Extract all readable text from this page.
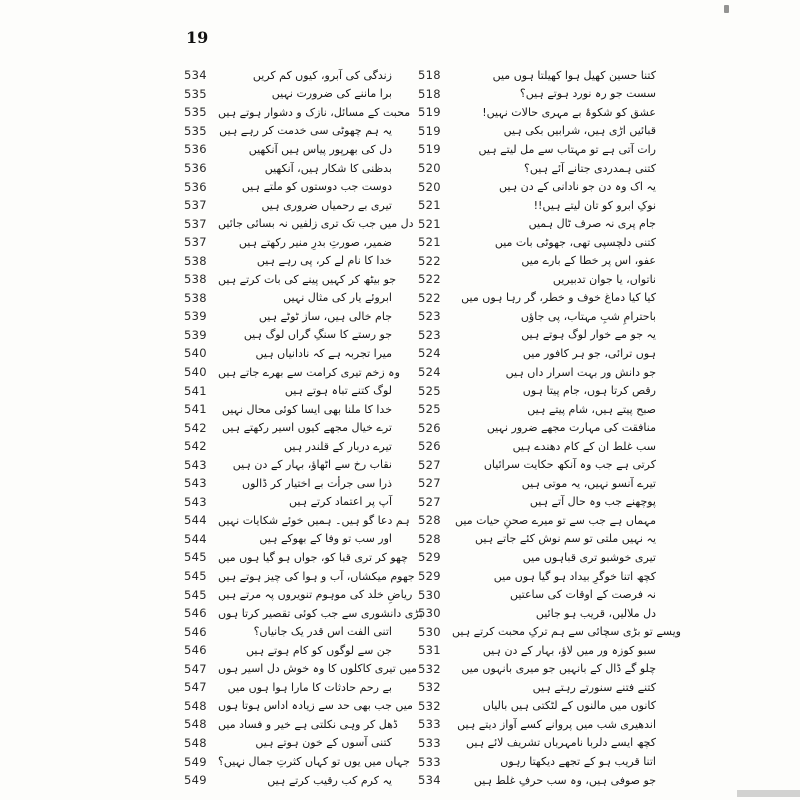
19
534	زندگی کی آبرو، کیوں کم کریں
535	برا ماننے کی ضرورت نہیں
535	محبت کے مسائل، نازک و دشوار ہوتے ہیں
535	یہ ہم چھوٹی سی خدمت کر رہے ہیں
536	دل کی بھرپور پیاس ہیں آنکھیں
536	بدظنی کا شکار ہیں، آنکھیں
536	دوست جب دوستوں کو ملتے ہیں
537	تیری بے رحمیاں ضروری ہیں
537	دل میں جب تک تری زلفیں نہ بسائی جائیں
537	ضمیر، صورتِ بدرِ منیر رکھتے ہیں
538	خدا کا نام لے کر، پی رہے ہیں
538	جو بیٹھ کر کہیں پینے کی بات کرتے ہیں
538	ابروئے یار کی مثال نہیں
539	جام خالی ہیں، ساز ٹوٹے ہیں
539	جو رستے کا سنگِ گراں لوگ ہیں
540	میرا تجربہ ہے کہ نادانیاں ہیں
540	وہ زخم تیری کرامت سے بھرے جاتے ہیں
541	لوگ کتنے تباہ ہوتے ہیں
541	خدا کا ملنا بھی ایسا کوئی محال نہیں
542	ترے خیال مجھے کیوں اسیر رکھتے ہیں
542	تیرے دربار کے قلندر ہیں
543	نقاب رخ سے اٹھاؤ، بہار کے دن ہیں
543	ذرا سی جرأت بے اختیار کر ڈالوں
543	آپ پر اعتماد کرتے ہیں
544	ہم دعا گو ہیں۔ ہمیں خوئے شکایات نہیں
544	اور سب تو وفا کے بھوکے ہیں
545	چھو کر تری قبا کو، جواں ہو گیا ہوں میں
545	جھوم میکشاں، آب و ہوا کی چیز ہوتے ہیں
545	ریاضِ خلد کی موہوم تنویروں پہ مرتے ہیں
546	بڑی دانشوری سے جب کوئی تقصیر کرتا ہوں
546	اتنی الفت اس قدر یک جانیاں؟
546	جن سے لوگوں کو کام ہوتے ہیں
547	میں تیری کاکلوں کا وہ خوش دل اسیر ہوں
547	بے رحم حادثات کا مارا ہوا ہوں میں
548	میں جب بھی حد سے زیادہ اداس ہوتا ہوں
548	ڈھل کر وہی نکلتی ہے خیر و فساد میں
548	کتنی آسوں کے خون ہوتے ہیں
549	جہاں میں یوں تو کہاں کثرتِ جمال نہیں؟
549	یہ کرم کب رقیب کرتے ہیں
518	کتنا حسین کھیل ہوا کھیلتا ہوں میں
518	سست جو رہ نورد ہوتے ہیں؟
519	عشق کو شکوۂ بے مہری حالات نہیں!
519	قبائیں اڑی ہیں، شرابیں بکی ہیں
519	رات آتی ہے تو مہتاب سے مل لیتے ہیں
520	کتنی ہمدردی جتانے آئے ہیں؟
520	یہ اک وہ دن جو نادانی کے دن ہیں
521	نوکِ ابرو کو تان لیتے ہیں!!
521	جام پری نہ صرف ٹال ہمیں
521	کتنی دلچسپی تھی، جھوٹی بات میں
522	عفو، اس پر خطا کے بارے میں
522	ناتواں، یا جوان تدبیریں
522	کیا کیا دماغ خوف و خطر، گر رہا ہوں میں
523	باحترامِ شبِ مہتاب، پی جاؤں
523	یہ جو مے خوار لوگ ہوتے ہیں
524	ہوں ترائی، جو ہر کافور میں
524	جو دانش ور بہت اسرار داں ہیں
525	رقص کرتا ہوں، جام پیتا ہوں
525	صبح پیتے ہیں، شام پیتے ہیں
526	منافقت کی مہارت مجھے ضرور نہیں
526	سب غلط ان کے کام دھندے ہیں
527	کرتی ہے جب وہ آنکھ حکایت سرائیاں
527	تیرے آنسو نہیں، یہ موتی ہیں
527	پوچھنے جب وہ حال آتے ہیں
528	مہماں ہے جب سے تو میرے صحنِ حیات میں
528	یہ نہیں ملتی تو سم نوش کئے جاتے ہیں
529	تیری خوشبو تری قباہوں میں
529	کچھ اتنا خوگرِ بیداد ہو گیا ہوں میں
530	نہ فرصت کے اوقات کی ساعتیں
530	دل ملالیں، قریب ہو جائیں
530	ویسے تو بڑی سچائی سے ہم ترکِ محبت کرتے ہیں
531	سبو کوزہ ور میں لاؤ، بہار کے دن ہیں
532	چلو گے ڈال کے بانہیں جو میری بانہوں میں
532	کتنے فتنے سنورتے رہتے ہیں
532	کانوں میں مالنوں کے لٹکتی ہیں بالیاں
533	اندھیری شب میں پروانے کسے آواز دیتے ہیں
533	کچھ ایسے دلربا نامہرباں تشریف لائے ہیں
533	اتنا قریب ہو کے تجھے دیکھتا رہوں
534	جو صوفی ہیں، وہ سب حرفِ غلط ہیں
